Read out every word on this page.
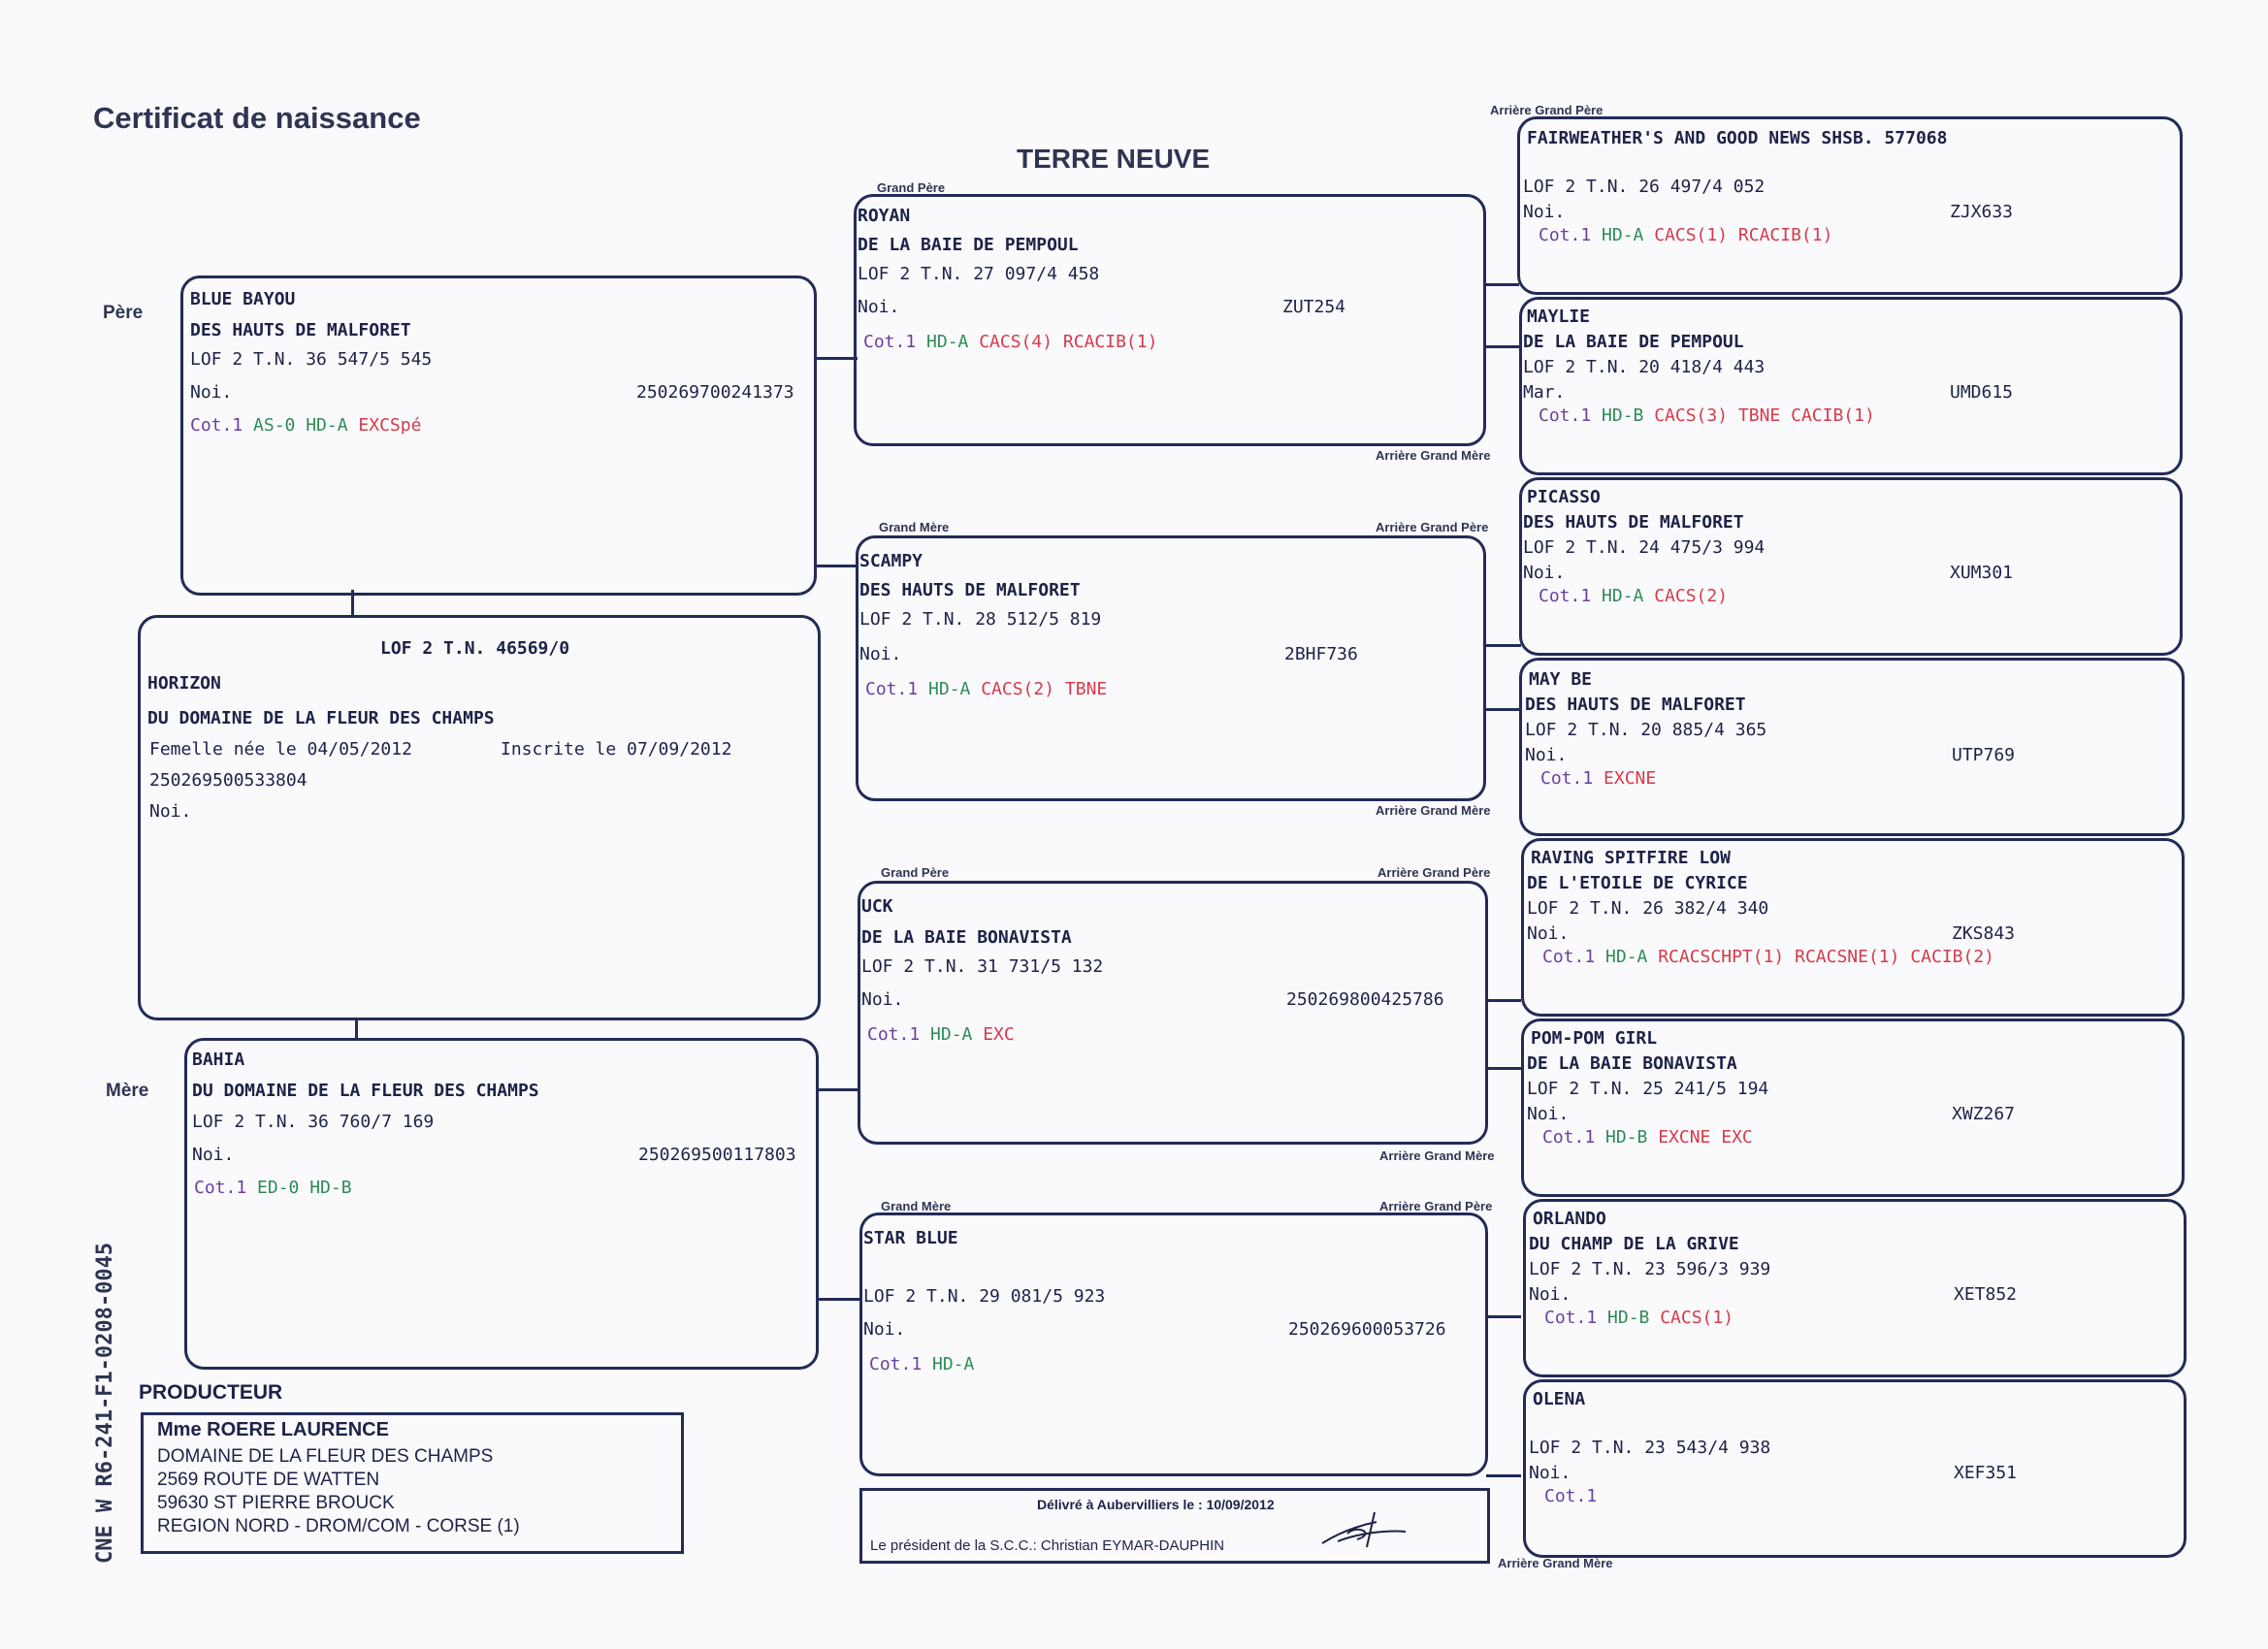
Certificat de naissance
TERRE NEUVE
Père
Mère
BLUE BAYOU
DES HAUTS DE MALFORET
LOF 2 T.N. 36 547/5 545
Noi.	250269700241373
Cot.1 AS-0 HD-A EXCSpé
LOF 2 T.N. 46569/0
HORIZON
DU DOMAINE DE LA FLEUR DES CHAMPS
Femelle née le 04/05/2012	Inscrite le 07/09/2012
250269500533804
Noi.
BAHIA
DU DOMAINE DE LA FLEUR DES CHAMPS
LOF 2 T.N. 36 760/7 169
Noi.	250269500117803
Cot.1 ED-0 HD-B
Grand Père
ROYAN
DE LA BAIE DE PEMPOUL
LOF 2 T.N. 27 097/4 458
Noi.	ZUT254
Cot.1 HD-A CACS(4) RCACIB(1)
Arrière Grand Mère
Grand Mère	Arrière Grand Père
SCAMPY
DES HAUTS DE MALFORET
LOF 2 T.N. 28 512/5 819
Noi.	2BHF736
Cot.1 HD-A CACS(2) TBNE
Arrière Grand Mère
Grand Père	Arrière Grand Père
UCK
DE LA BAIE BONAVISTA
LOF 2 T.N. 31 731/5 132
Noi.	250269800425786
Cot.1 HD-A EXC
Arrière Grand Mère
Grand Mère	Arrière Grand Père
STAR BLUE
LOF 2 T.N. 29 081/5 923
Noi.	250269600053726
Cot.1 HD-A
Arrière Grand Père
FAIRWEATHER'S AND GOOD NEWS SHSB. 577068
LOF 2 T.N. 26 497/4 052
Noi.	ZJX633
Cot.1 HD-A CACS(1) RCACIB(1)
MAYLIE
DE LA BAIE DE PEMPOUL
LOF 2 T.N. 20 418/4 443
Mar.	UMD615
Cot.1 HD-B CACS(3) TBNE CACIB(1)
PICASSO
DES HAUTS DE MALFORET
LOF 2 T.N. 24 475/3 994
Noi.	XUM301
Cot.1 HD-A CACS(2)
MAY BE
DES HAUTS DE MALFORET
LOF 2 T.N. 20 885/4 365
Noi.	UTP769
Cot.1 EXCNE
RAVING SPITFIRE LOW
DE L'ETOILE DE CYRICE
LOF 2 T.N. 26 382/4 340
Noi.	ZKS843
Cot.1 HD-A RCACSCHPT(1) RCACSNE(1) CACIB(2)
POM-POM GIRL
DE LA BAIE BONAVISTA
LOF 2 T.N. 25 241/5 194
Noi.	XWZ267
Cot.1 HD-B EXCNE EXC
ORLANDO
DU CHAMP DE LA GRIVE
LOF 2 T.N. 23 596/3 939
Noi.	XET852
Cot.1 HD-B CACS(1)
OLENA
LOF 2 T.N. 23 543/4 938
Noi.	XEF351
Cot.1
Arrière Grand Mère
PRODUCTEUR
Mme ROERE LAURENCE
DOMAINE DE LA FLEUR DES CHAMPS
2569 ROUTE DE WATTEN
59630 ST PIERRE BROUCK
REGION NORD - DROM/COM - CORSE (1)
Délivré à Aubervilliers le : 10/09/2012
Le président de la S.C.C.: Christian EYMAR-DAUPHIN
CNE W R6-241-F1-0208-0045
